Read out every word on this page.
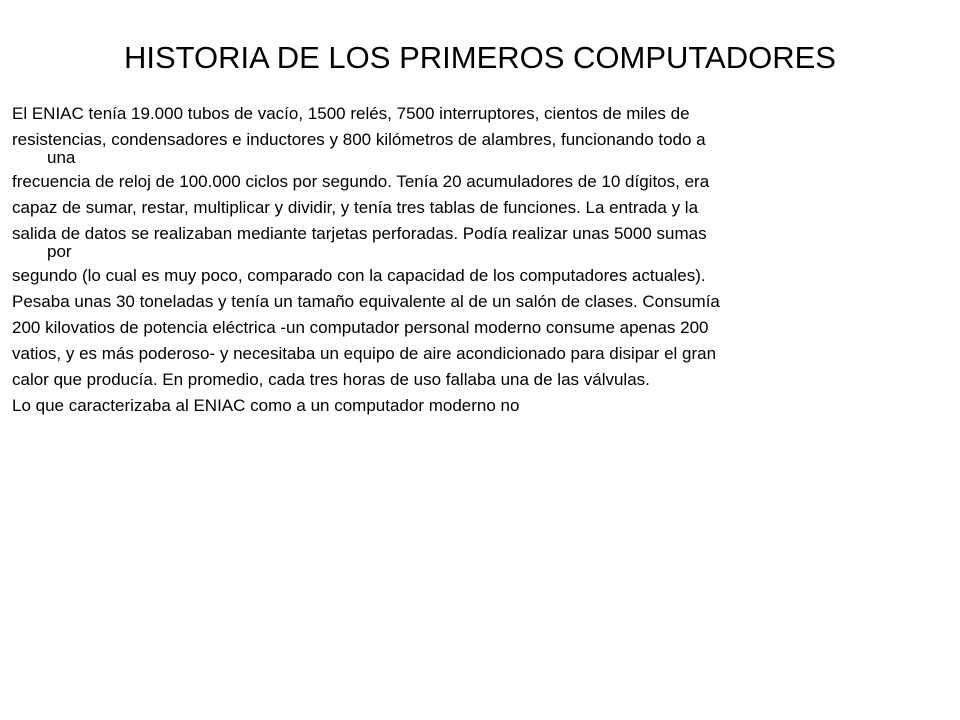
HISTORIA DE LOS PRIMEROS COMPUTADORES
El ENIAC tenía 19.000 tubos de vacío, 1500 relés, 7500 interruptores, cientos de miles de
resistencias, condensadores e inductores y 800 kilómetros de alambres, funcionando todo a
una
frecuencia de reloj de 100.000 ciclos por segundo. Tenía 20 acumuladores de 10 dígitos, era
capaz de sumar, restar, multiplicar y dividir, y tenía tres tablas de funciones. La entrada y la
salida de datos se realizaban mediante tarjetas perforadas. Podía realizar unas 5000 sumas
por
segundo (lo cual es muy poco, comparado con la capacidad de los computadores actuales).
Pesaba unas 30 toneladas y tenía un tamaño equivalente al de un salón de clases. Consumía
200 kilovatios de potencia eléctrica -un computador personal moderno consume apenas 200
vatios, y es más poderoso- y necesitaba un equipo de aire acondicionado para disipar el gran
calor que producía. En promedio, cada tres horas de uso fallaba una de las válvulas.
Lo que caracterizaba al ENIAC como a un computador moderno no
